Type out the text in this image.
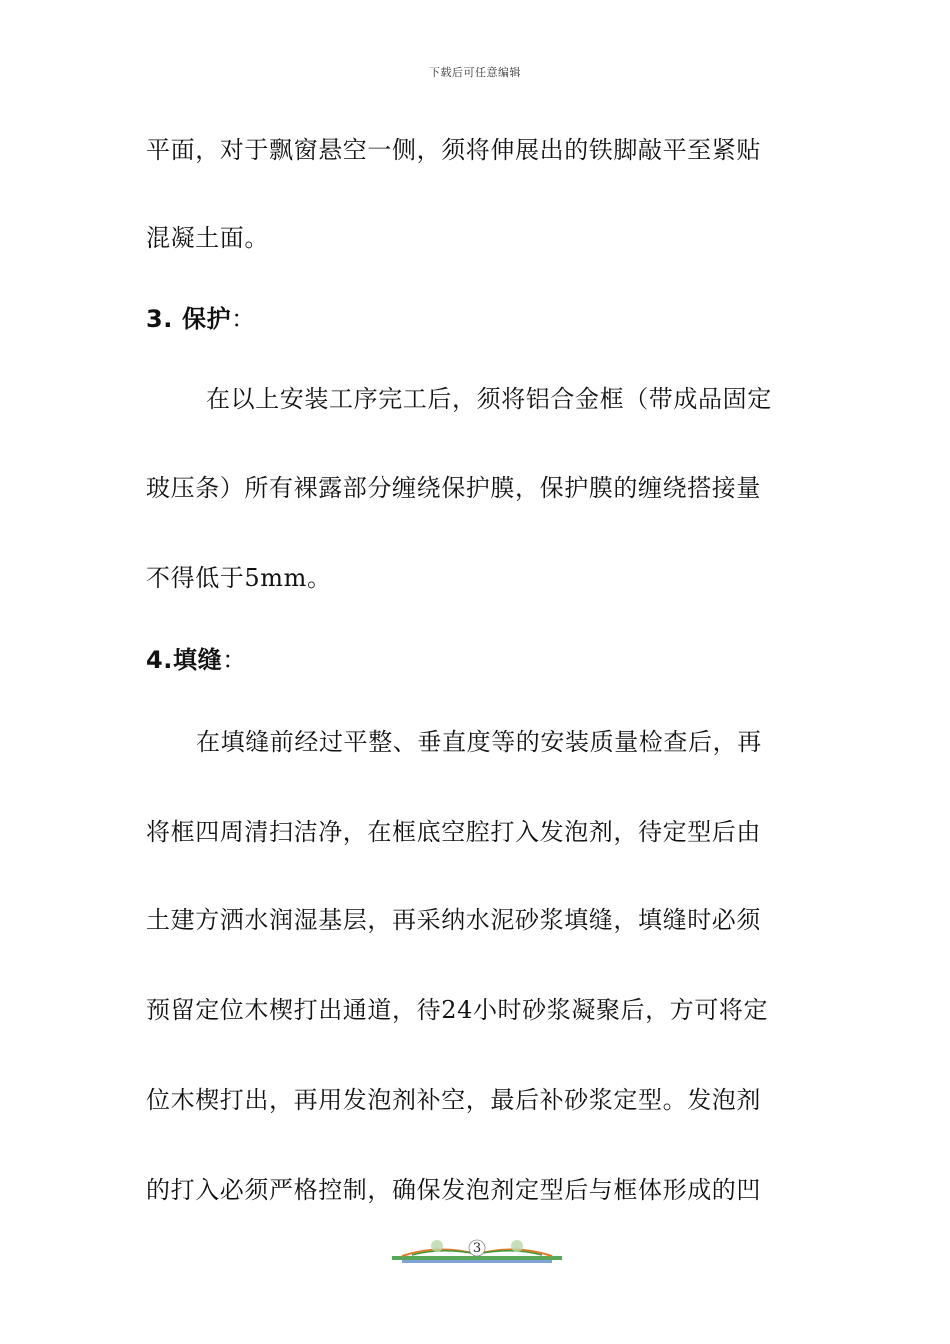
下载后可任意编辑
平面，对于飘窗悬空一侧，须将伸展出的铁脚敲平至紧贴
混凝土面。
3. 保护：
在以上安装工序完工后，须将铝合金框（带成品固定
玻压条）所有裸露部分缠绕保护膜，保护膜的缠绕搭接量
不得低于5mm。
4.填缝：
在填缝前经过平整、垂直度等的安装质量检查后，再
将框四周清扫洁净，在框底空腔打入发泡剂，待定型后由
土建方洒水润湿基层，再采纳水泥砂浆填缝，填缝时必须
预留定位木楔打出通道，待24小时砂浆凝聚后，方可将定
位木楔打出，再用发泡剂补空，最后补砂浆定型。发泡剂
的打入必须严格控制，确保发泡剂定型后与框体形成的凹
3
